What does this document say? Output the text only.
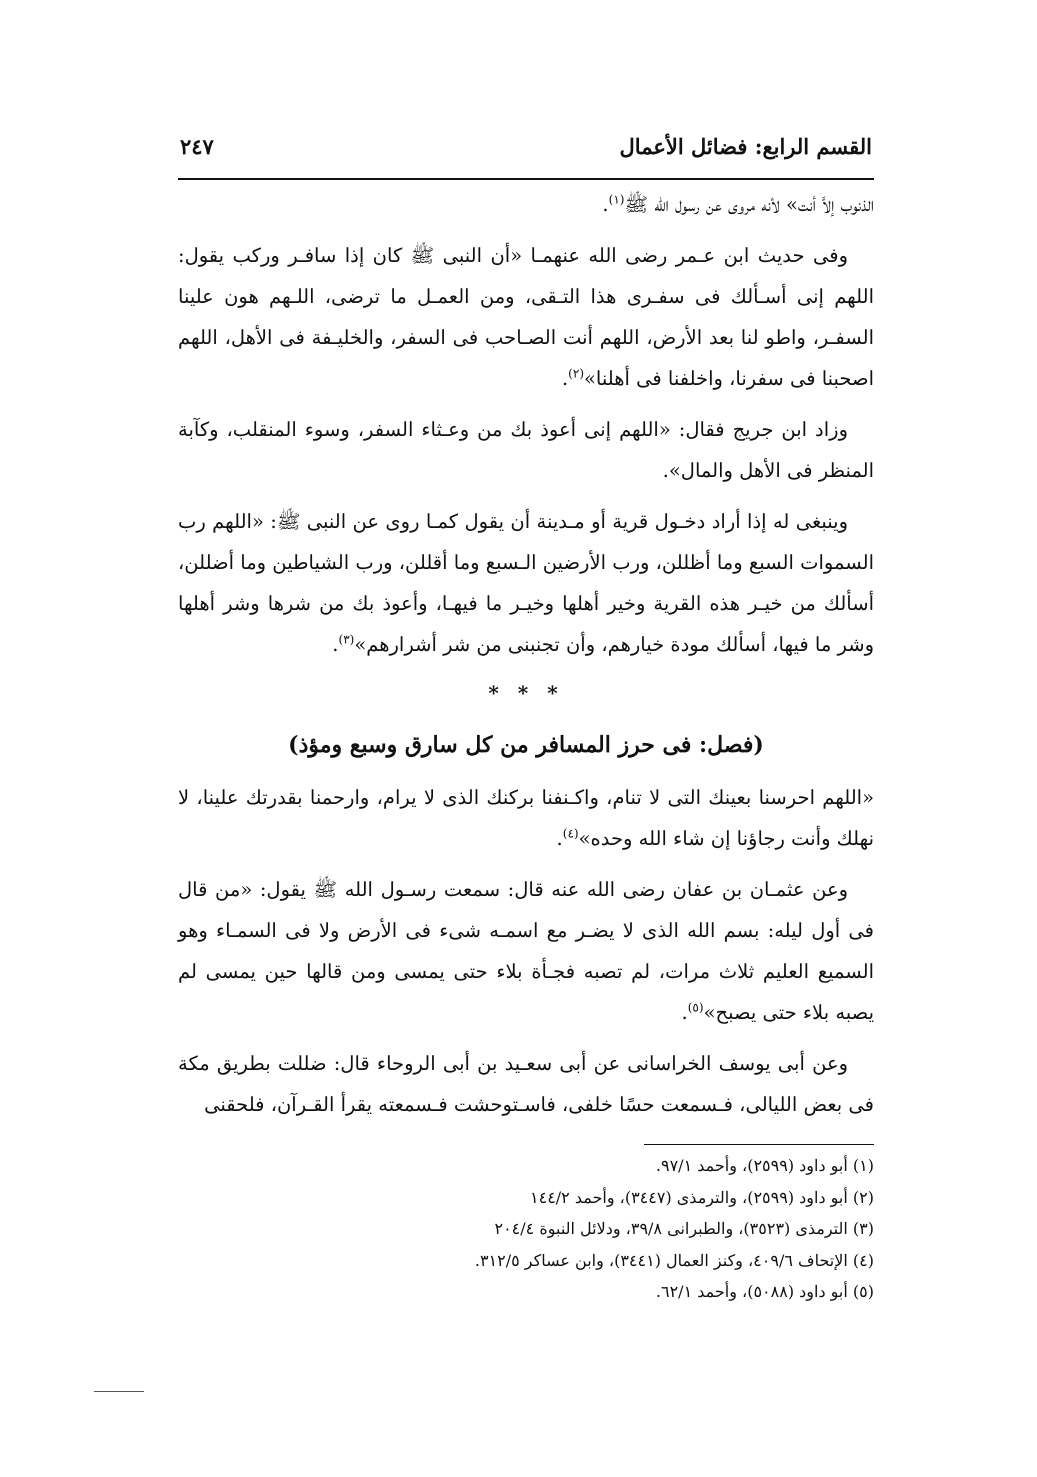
القسم الرابع: فضائل الأعمال
٢٤٧

الذنوب إلاَّ أنت» لأنه مروى عن رسول الله ﷺ$^{(١)}$.

وفى حديث ابن عـمر رضى الله عنهمـا «أن النبى ﷺ كان إذا سافـر وركب يقول: اللهم إنى أسـألك فى سفـرى هذا التـقى، ومن العمـل ما ترضى، اللـهم هون علينا السفـر، واطو لنا بعد الأرض، اللهم أنت الصـاحب فى السفر، والخليـفة فى الأهل، اللهم اصحبنا فى سفرنا، واخلفنا فى أهلنا»$^{(٢)}$.

وزاد ابن جريج فقال: «اللهم إنى أعوذ بك من وعـثاء السفر، وسوء المنقلب، وكآبة المنظر فى الأهل والمال».

وينبغى له إذا أراد دخـول قرية أو مـدينة أن يقول كمـا روى عن النبى ﷺ: «اللهم رب السموات السبع وما أظللن، ورب الأرضين الـسبع وما أقللن، ورب الشياطين وما أضللن، أسألك من خيـر هذه القرية وخير أهلها وخيـر ما فيهـا، وأعوذ بك من شرها وشر أهلها وشر ما فيها، أسألك مودة خيارهم، وأن تجنبنى من شر أشرارهم»$^{(٣)}$.

* * *
(فصل: فى حرز المسافر من كل سارق وسبع ومؤذ)

«اللهم احرسنا بعينك التى لا تنام، واكـنفنا بركنك الذى لا يرام، وارحمنا بقدرتك علينا، لا نهلك وأنت رجاؤنا إن شاء الله وحده»$^{(٤)}$.

وعن عثمـان بن عفان رضى الله عنه قال: سمعت رسـول الله ﷺ يقول: «من قال فى أول ليله: بسم الله الذى لا يضـر مع اسمـه شىء فى الأرض ولا فى السمـاء وهو السميع العليم ثلاث مرات، لم تصبه فجـأة بلاء حتى يمسى ومن قالها حين يمسى لم يصبه بلاء حتى يصبح»$^{(٥)}$.

وعن أبى يوسف الخراسانى عن أبى سعـيد بن أبى الروحاء قال: ضللت بطريق مكة فى بعض الليالى، فـسمعت حسًا خلفى، فاسـتوحشت فـسمعته يقرأ القـرآن، فلحقنى

(١) أبو داود (٢٥٩٩)، وأحمد ٩٧/١.
(٢) أبو داود (٢٥٩٩)، والترمذى (٣٤٤٧)، وأحمد ١٤٤/٢
(٣) الترمذى (٣٥٢٣)، والطبرانى ٣٩/٨، ودلائل النبوة ٢٠٤/٤
(٤) الإتحاف ٤٠٩/٦، وكنز العمال (٣٤٤١)، وابن عساكر ٣١٢/٥.
(٥) أبو داود (٥٠٨٨)، وأحمد ٦٢/١.
